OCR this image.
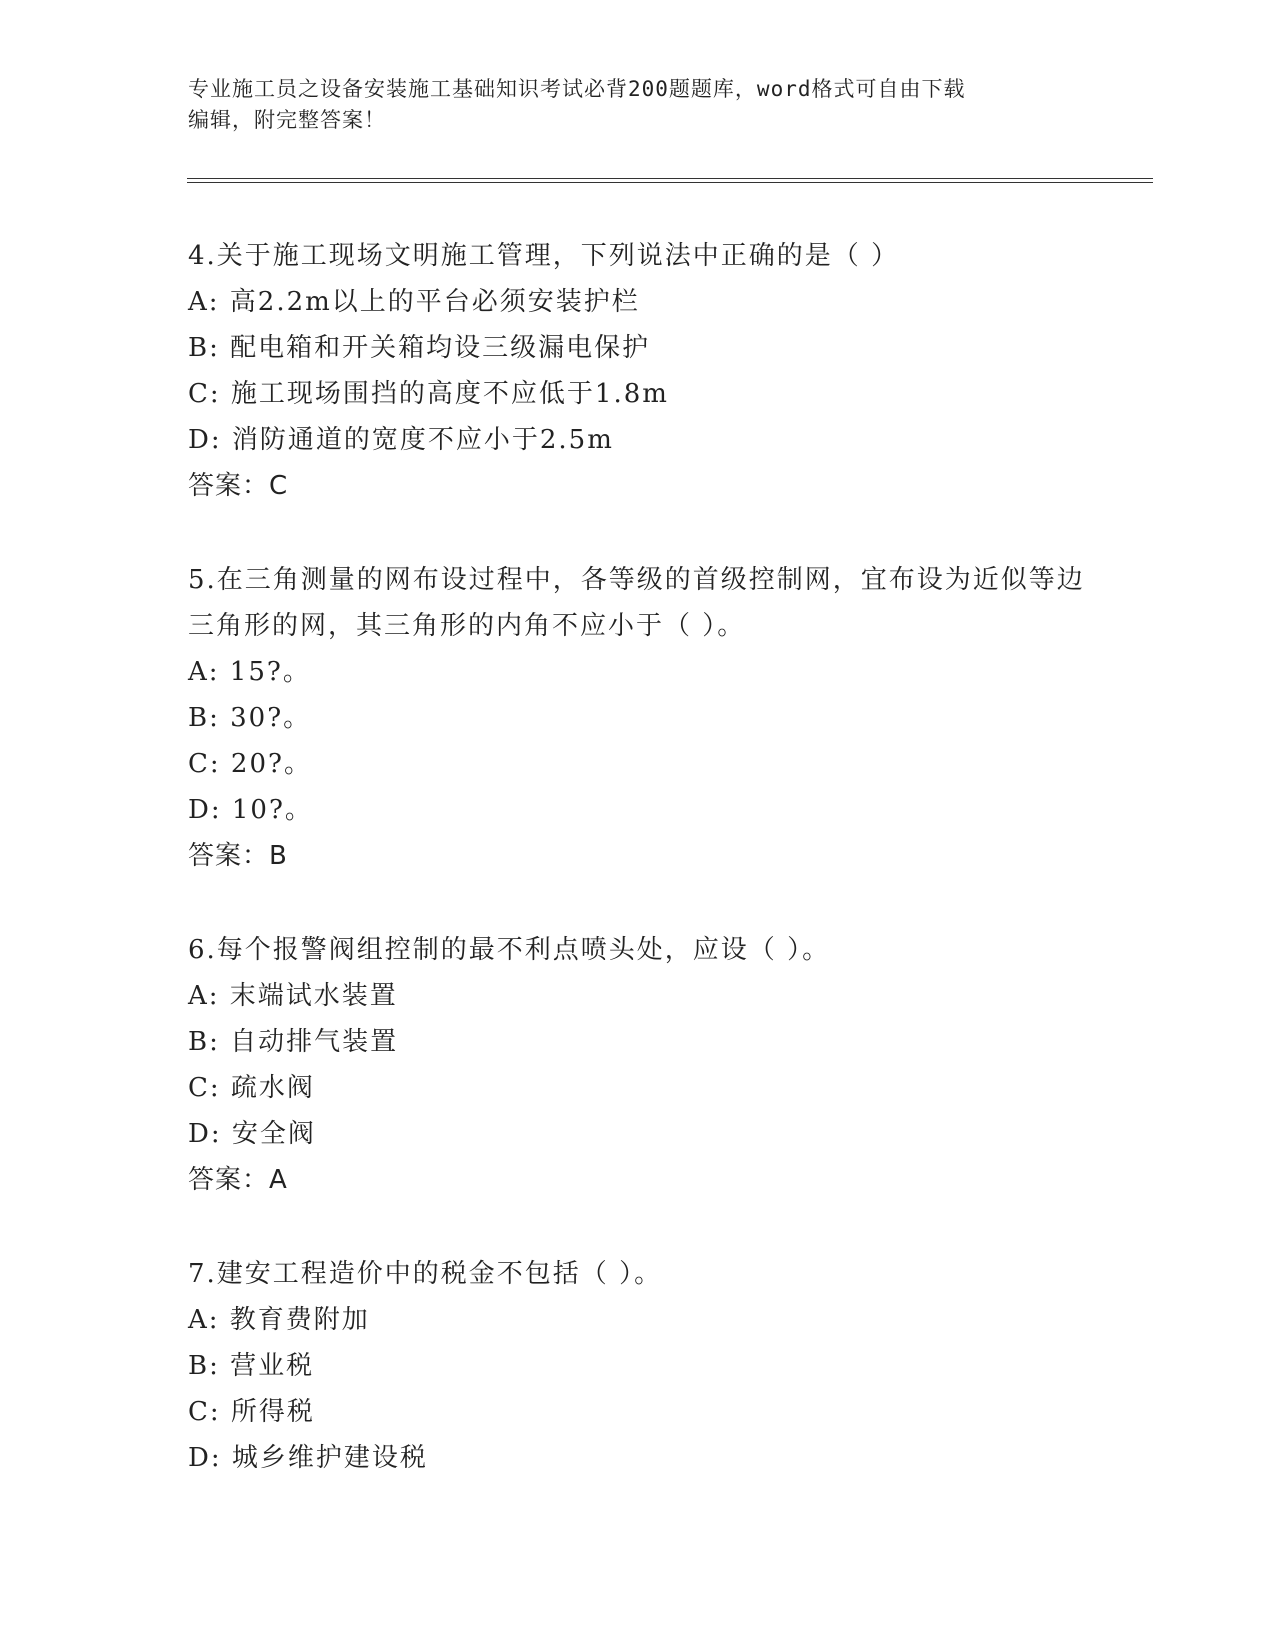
专业施工员之设备安装施工基础知识考试必背200题题库，word格式可自由下载
编辑，附完整答案！
4.关于施工现场文明施工管理，下列说法中正确的是（ ）
A: 高2.2m以上的平台必须安装护栏
B: 配电箱和开关箱均设三级漏电保护
C: 施工现场围挡的高度不应低于1.8m
D: 消防通道的宽度不应小于2.5m
答案：C
5.在三角测量的网布设过程中，各等级的首级控制网，宜布设为近似等边三角形的网，其三角形的内角不应小于（ ）。
A: 15?。
B: 30?。
C: 20?。
D: 10?。
答案：B
6.每个报警阀组控制的最不利点喷头处，应设（ ）。
A: 末端试水装置
B: 自动排气装置
C: 疏水阀
D: 安全阀
答案：A
7.建安工程造价中的税金不包括（ ）。
A: 教育费附加
B: 营业税
C: 所得税
D: 城乡维护建设税
